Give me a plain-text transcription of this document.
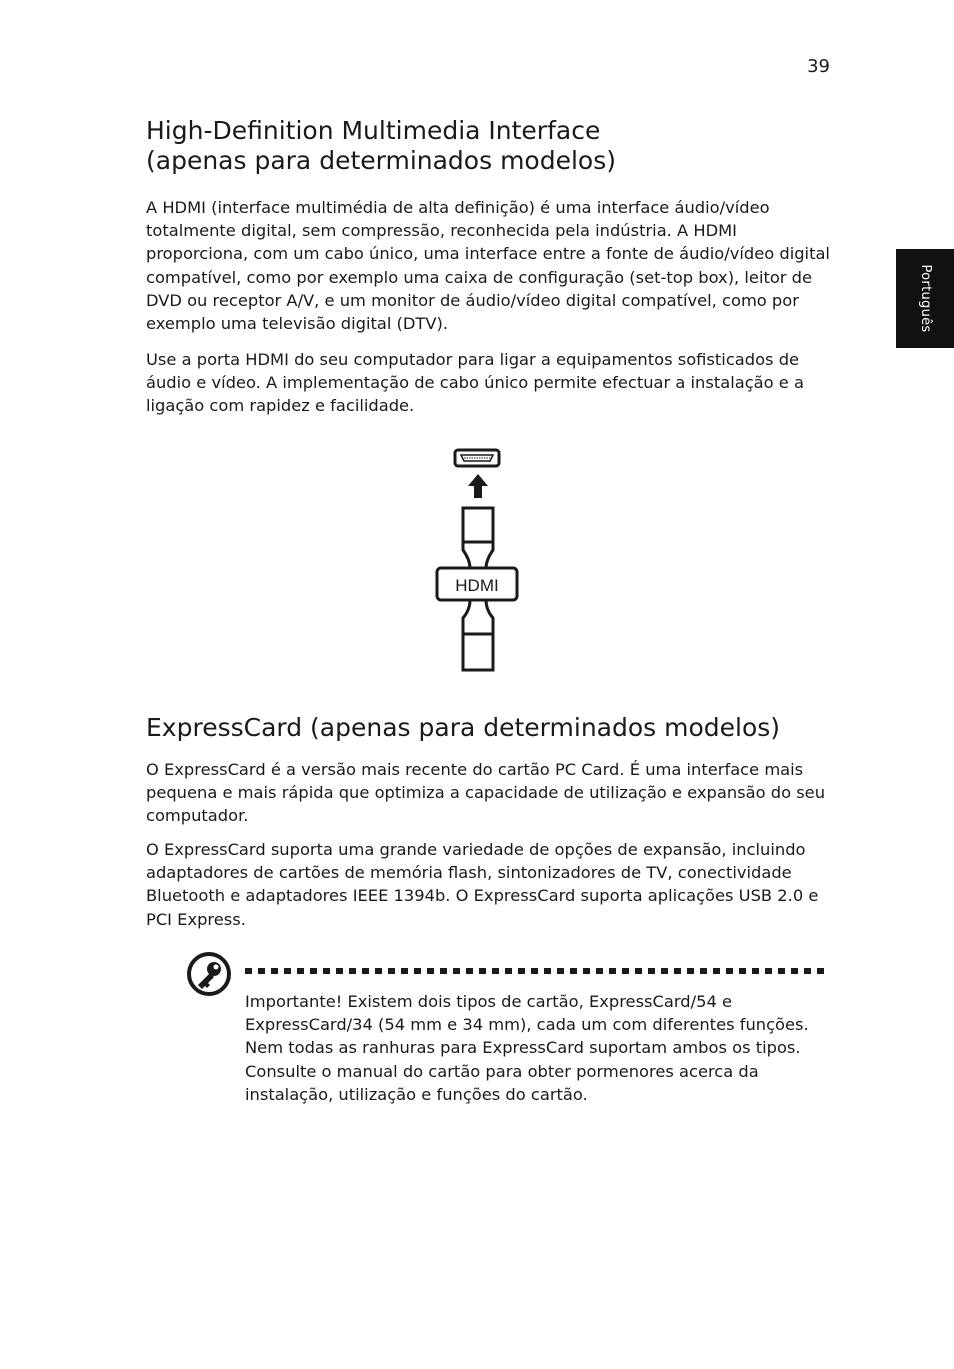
39
Português
High-Definition Multimedia Interface
(apenas para determinados modelos)

A HDMI (interface multimédia de alta definição) é uma interface áudio/vídeo totalmente digital, sem compressão, reconhecida pela indústria. A HDMI proporciona, com um cabo único, uma interface entre a fonte de áudio/vídeo digital compatível, como por exemplo uma caixa de configuração (set-top box), leitor de DVD ou receptor A/V, e um monitor de áudio/vídeo digital compatível, como por exemplo uma televisão digital (DTV).

Use a porta HDMI do seu computador para ligar a equipamentos sofisticados de áudio e vídeo. A implementação de cabo único permite efectuar a instalação e a ligação com rapidez e facilidade.

HDMI
ExpressCard (apenas para determinados modelos)

O ExpressCard é a versão mais recente do cartão PC Card. É uma interface mais pequena e mais rápida que optimiza a capacidade de utilização e expansão do seu computador.

O ExpressCard suporta uma grande variedade de opções de expansão, incluindo adaptadores de cartões de memória flash, sintonizadores de TV, conectividade Bluetooth e adaptadores IEEE 1394b. O ExpressCard suporta aplicações USB 2.0 e PCI Express.

Importante! Existem dois tipos de cartão, ExpressCard/54 e ExpressCard/34 (54 mm e 34 mm), cada um com diferentes funções. Nem todas as ranhuras para ExpressCard suportam ambos os tipos. Consulte o manual do cartão para obter pormenores acerca da instalação, utilização e funções do cartão.
